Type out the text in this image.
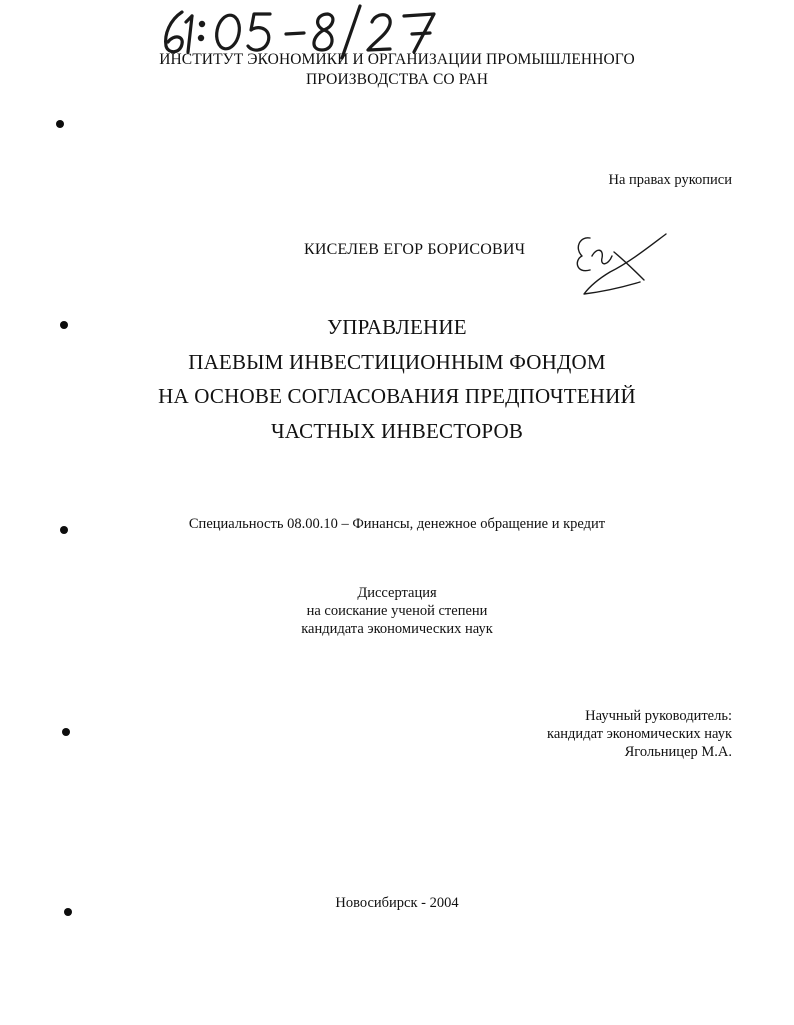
ИНСТИТУТ ЭКОНОМИКИ И ОРГАНИЗАЦИИ ПРОМЫШЛЕННОГО
ПРОИЗВОДСТВА СО РАН
На правах рукописи
КИСЕЛЕВ ЕГОР БОРИСОВИЧ
УПРАВЛЕНИЕ
ПАЕВЫМ ИНВЕСТИЦИОННЫМ ФОНДОМ
НА ОСНОВЕ СОГЛАСОВАНИЯ ПРЕДПОЧТЕНИЙ
ЧАСТНЫХ ИНВЕСТОРОВ
Специальность 08.00.10 – Финансы, денежное обращение и кредит
Диссертация
на соискание ученой степени
кандидата экономических наук
Научный руководитель:
кандидат экономических наук
Ягольницер М.А.
Новосибирск - 2004
